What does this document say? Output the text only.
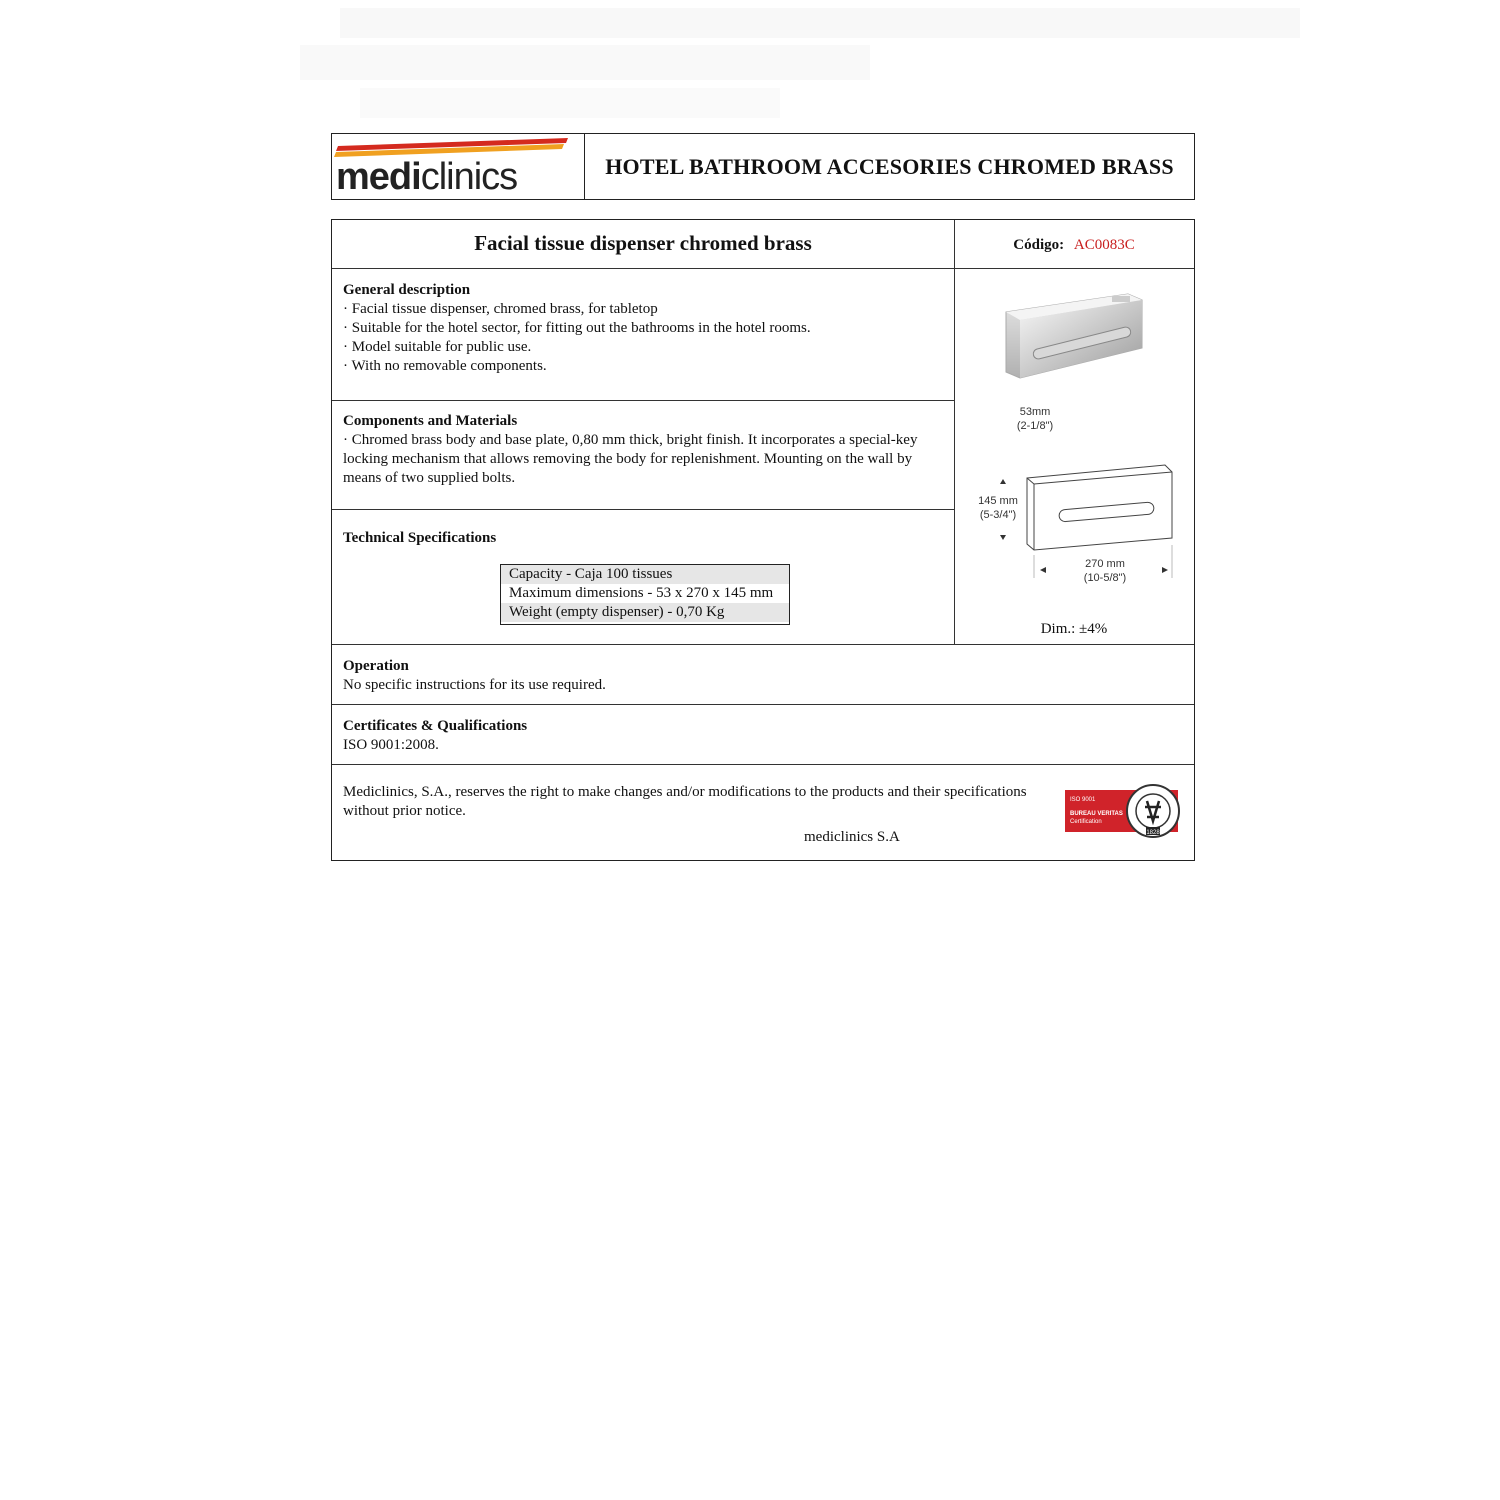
mediclinics	HOTEL BATHROOM ACCESORIES CHROMED BRASS
Facial tissue dispenser chromed brass	Código: AC0083C
General description
· Facial tissue dispenser, chromed brass, for tabletop
· Suitable for the hotel sector, for fitting out the bathrooms in the hotel rooms.
· Model suitable for public use.
· With no removable components.
Components and Materials
· Chromed brass body and base plate, 0,80 mm thick, bright finish. It incorporates a special-key
locking mechanism that allows removing the body for replenishment. Mounting on the wall by
means of two supplied bolts.
Technical Specifications
Capacity - Caja 100 tissues
Maximum dimensions - 53 x 270 x 145 mm
Weight (empty dispenser) - 0,70 Kg
53mm
(2-1/8")
145 mm
(5-3/4")
270 mm
(10-5/8")
Dim.: ±4%
Operation
No specific instructions for its use required.
Certificates & Qualifications
ISO 9001:2008.
Mediclinics, S.A., reserves the right to make changes and/or modifications to the products and their specifications
without prior notice.
mediclinics S.A
ISO 9001
BUREAU VERITAS
Certification
1828
